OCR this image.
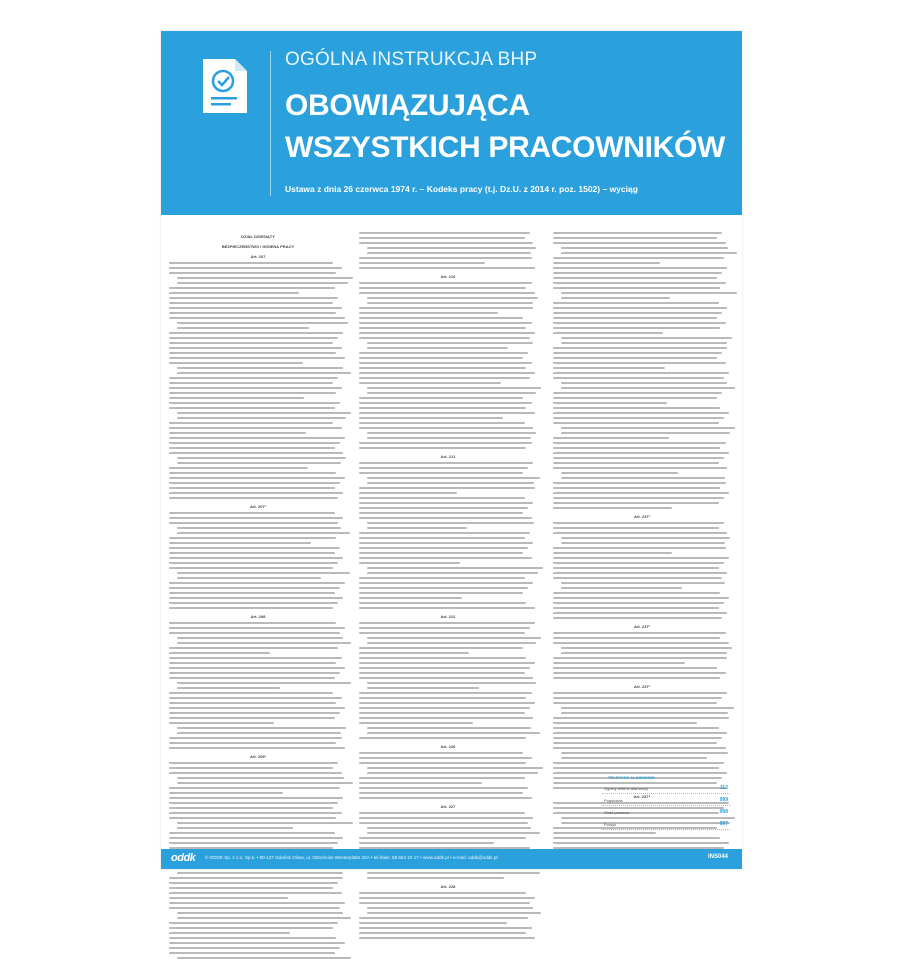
OGÓLNA INSTRUKCJA BHP
OBOWIĄZUJĄCA
WSZYSTKICH PRACOWNIKÓW
Ustawa z dnia 26 czerwca 1974 r. – Kodeks pracy (t.j. Dz.U. z 2014 r. poz. 1502) – wyciąg
DZIAŁ DZIESIĄTY
BEZPIECZEŃSTWO I HIGIENA PRACY
Art. 207
Art. 207¹
Art. 208
Art. 209¹
Art. 210
Art. 211
Art. 212
Art. 226
Art. 227
Art. 228
Art. 237¹
Art. 237²
Art. 237³
Art. 237⁴
TELEFONY ALARMOWE:
Ogólny telefon alarmowy	112
Pogotowie	999
Straż pożarna	998
Policja	997
oddk © ODDK Sp. z o.o. Sp.k. • 80-137 Gdańsk Oliwa, ul. Obrońców Westerplatte 32A • tel./faks: 58 554 24 17 • www.oddk.pl • e-mail: oddk@oddk.pl	INS044
